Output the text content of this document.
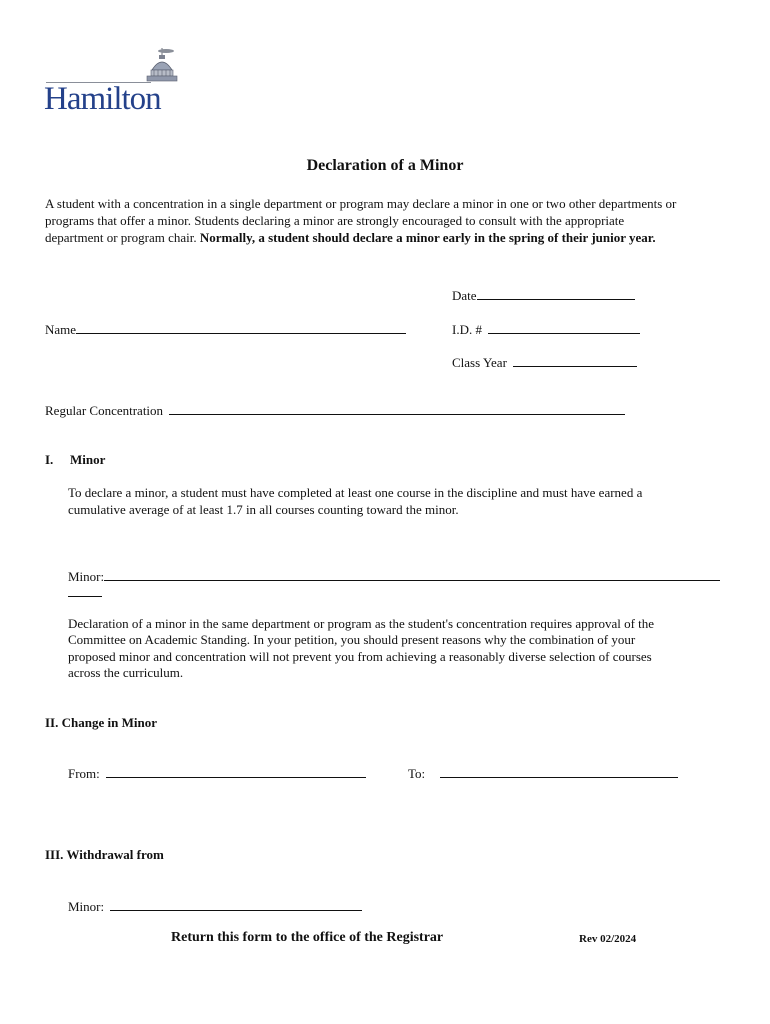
Hamilton
Declaration of a Minor
A student with a concentration in a single department or program may declare a minor in one or two other departments or
programs that offer a minor. Students declaring a minor are strongly encouraged to consult with the appropriate
department or program chair. Normally, a student should declare a minor early in the spring of their junior year.
Date
Name	I.D. #
Class Year
Regular Concentration
I. Minor
To declare a minor, a student must have completed at least one course in the discipline and must have earned a
cumulative average of at least 1.7 in all courses counting toward the minor.
Minor:
Declaration of a minor in the same department or program as the student's concentration requires approval of the
Committee on Academic Standing. In your petition, you should present reasons why the combination of your
proposed minor and concentration will not prevent you from achieving a reasonably diverse selection of courses
across the curriculum.
II. Change in Minor
From:	To:
III. Withdrawal from
Minor:
Return this form to the office of the Registrar	Rev 02/2024
